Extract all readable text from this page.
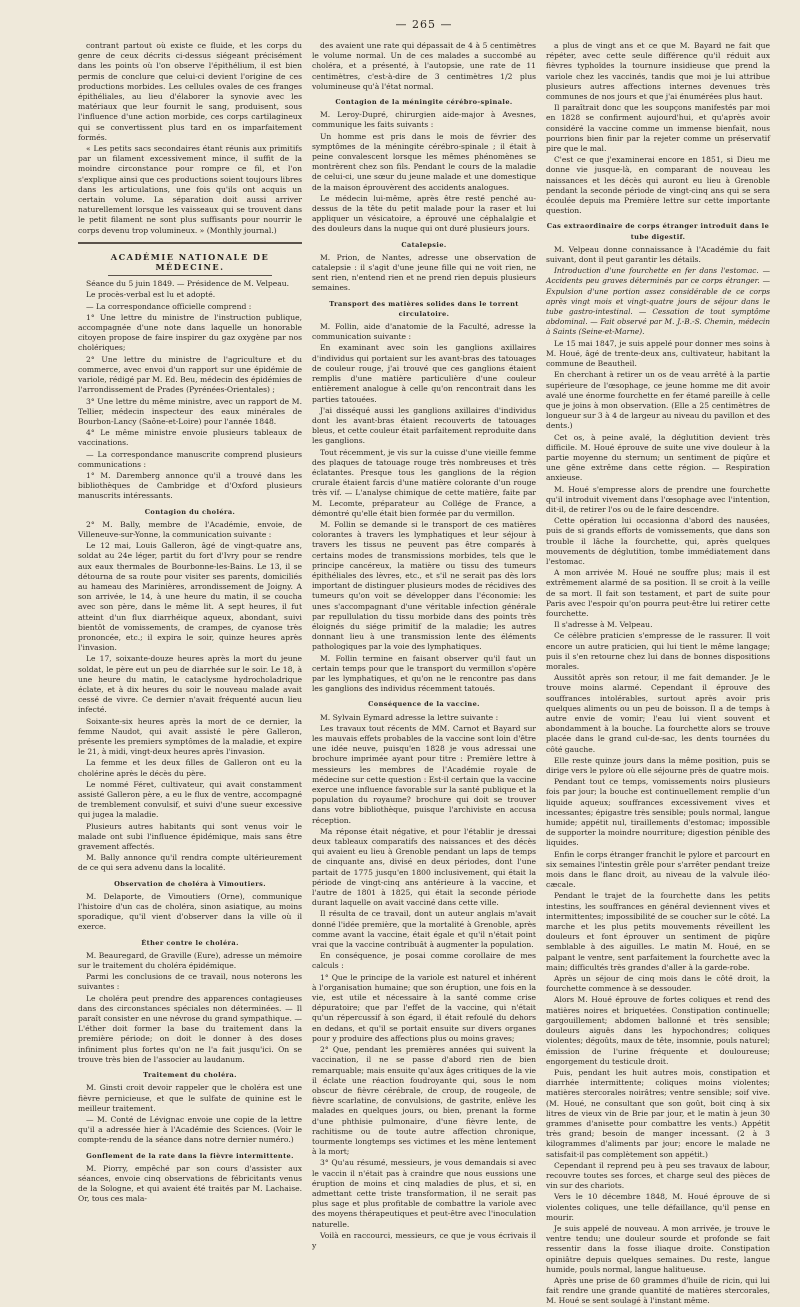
— 265 —

contrant partout où existe ce fluide, et les corps du genre de ceux décrits ci-dessus siégeant précisément dans les points où l'on observe l'épithélium, il est bien permis de conclure que celui-ci devient l'origine de ces productions morbides. Les cellules ovales de ces franges épithéliales, au lieu d'élaborer la synovie avec les matériaux que leur fournit le sang, produisent, sous l'influence d'une action morbide, ces corps cartilagineux qui se convertissent plus tard en os imparfaitement formés.

« Les petits sacs secondaires étant réunis aux primitifs par un filament excessivement mince, il suffit de la moindre circonstance pour rompre ce fil, et l'on s'explique ainsi que ces productions soient toujours libres dans les articulations, une fois qu'ils ont acquis un certain volume. La séparation doit aussi arriver naturellement lorsque les vaisseaux qui se trouvent dans le petit filament ne sont plus suffisants pour nourrir le corps devenu trop volumineux. » (Monthly journal.)

ACADÉMIE NATIONALE DE MÉDECINE.

Séance du 5 juin 1849. — Présidence de M. Velpeau.

Le procès-verbal est lu et adopté.

— La correspondance officielle comprend :

1° Une lettre du ministre de l'instruction publique, accompagnée d'une note dans laquelle un honorable citoyen propose de faire inspirer du gaz oxygène par nos cholériques;

2° Une lettre du ministre de l'agriculture et du commerce, avec envoi d'un rapport sur une épidémie de variole, rédigé par M. Ed. Beu, médecin des épidémies de l'arrondissement de Prades (Pyrénées-Orientales) ;

3° Une lettre du même ministre, avec un rapport de M. Tellier, médecin inspecteur des eaux minérales de Bourbon-Lancy (Saône-et-Loire) pour l'année 1848.

4° Le même ministre envoie plusieurs tableaux de vaccinations.

— La correspondance manuscrite comprend plusieurs communications :

1° M. Daremberg annonce qu'il a trouvé dans les bibliothèques de Cambridge et d'Oxford plusieurs manuscrits intéressants.

Contagion du choléra.

2° M. Bally, membre de l'Académie, envoie, de Villeneuve-sur-Yonne, la communication suivante :

Le 12 mai, Louis Galleron, âgé de vingt-quatre ans, soldat au 24e léger, partit du fort d'Ivry pour se rendre aux eaux thermales de Bourbonne-les-Bains. Le 13, il se détourna de sa route pour visiter ses parents, domiciliés au hameau des Marinières, arrondissement de Joigny. A son arrivée, le 14, à une heure du matin, il se coucha avec son père, dans le même lit. A sept heures, il fut atteint d'un flux diarrhéique aqueux, abondant, suivi bientôt de vomissements, de crampes, de cyanose très prononcée, etc.; il expira le soir, quinze heures après l'invasion.

Le 17, soixante-douze heures après la mort du jeune soldat, le père eut un peu de diarrhée sur le soir. Le 18, à une heure du matin, le cataclysme hydrocholadrique éclate, et à dix heures du soir le nouveau malade avait cessé de vivre. Ce dernier n'avait fréquenté aucun lieu infecté.

Soixante-six heures après la mort de ce dernier, la femme Naudot, qui avait assisté le père Galleron, présente les premiers symptômes de la maladie, et expire le 21, à midi, vingt-deux heures après l'invasion.

La femme et les deux filles de Galleron ont eu la cholérine après le décès du père.

Le nommé Féret, cultivateur, qui avait constamment assisté Galleron père, a eu le flux de ventre, accompagné de tremblement convulsif, et suivi d'une sueur excessive qui jugea la maladie.

Plusieurs autres habitants qui sont venus voir le malade ont subi l'influence épidémique, mais sans être gravement affectés.

M. Bally annonce qu'il rendra compte ultérieurement de ce qui sera advenu dans la localité.

Observation de choléra à Vimoutiers.

M. Delaporte, de Vimoutiers (Orne), communique l'histoire d'un cas de choléra, sinon asiatique, au moins sporadique, qu'il vient d'observer dans la ville où il exerce.

Éther contre le choléra.

M. Beauregard, de Graville (Eure), adresse un mémoire sur le traitement du choléra épidémique.

Parmi les conclusions de ce travail, nous noterons les suivantes :

Le choléra peut prendre des apparences contagieuses dans des circonstances spéciales non déterminées. — Il paraît consister en une névrose du grand sympathique. — L'éther doit former la base du traitement dans la première période; on doit le donner à des doses infiniment plus fortes qu'on ne l'a fait jusqu'ici. On se trouve très bien de l'associer au laudanum.

Traitement du choléra.

M. Ginsti croit devoir rappeler que le choléra est une fièvre pernicieuse, et que le sulfate de quinine est le meilleur traitement.

— M. Conté de Lévignac envoie une copie de la lettre qu'il a adressée hier à l'Académie des Sciences. (Voir le compte-rendu de la séance dans notre dernier numéro.)

Gonflement de la rate dans la fièvre intermittente.

M. Piorry, empêché par son cours d'assister aux séances, envoie cinq observations de fébricitants venus de la Sologne, et qui avaient été traités par M. Lachaise. Or, tous ces mala-

des avaient une rate qui dépassait de 4 à 5 centimètres le volume normal. Un de ces malades a succombé au choléra, et a présenté, à l'autopsie, une rate de 11 centimètres, c'est-à-dire de 3 centimètres 1/2 plus volumineuse qu'à l'état normal.

Contagion de la méningite cérébro-spinale.

M. Leroy-Dupré, chirurgien aide-major à Avesnes, communique les faits suivants :

Un homme est pris dans le mois de février des symptômes de la méningite cérébro-spinale ; il était à peine convalescent lorsque les mêmes phénomènes se montrèrent chez son fils. Pendant le cours de la maladie de celui-ci, une sœur du jeune malade et une domestique de la maison éprouvèrent des accidents analogues.

Le médecin lui-même, après être resté penché au-dessus de la tête du petit malade pour la raser et lui appliquer un vésicatoire, a éprouvé une céphalalgie et des douleurs dans la nuque qui ont duré plusieurs jours.

Catalepsie.

M. Prion, de Nantes, adresse une observation de catalepsie : il s'agit d'une jeune fille qui ne voit rien, ne sent rien, n'entend rien et ne prend rien depuis plusieurs semaines.

Transport des matières solides dans le torrent circulatoire.

M. Follin, aide d'anatomie de la Faculté, adresse la communication suivante :

En examinant avec soin les ganglions axillaires d'individus qui portaient sur les avant-bras des tatouages de couleur rouge, j'ai trouvé que ces ganglions étaient remplis d'une matière particulière d'une couleur entièrement analogue à celle qu'on rencontrait dans les parties tatouées.

J'ai disséqué aussi les ganglions axillaires d'individus dont les avant-bras étaient recouverts de tatouages bleus, et cette couleur était parfaitement reproduite dans les ganglions.

Tout récemment, je vis sur la cuisse d'une vieille femme des plaques de tatouage rouge très nombreuses et très éclatantes. Presque tous les ganglions de la région crurale étaient farcis d'une matière colorante d'un rouge très vif. — L'analyse chimique de cette matière, faite par M. Lecomte, préparateur au Collége de France, a démontré qu'elle était bien formée par du vermillon.

M. Follin se demande si le transport de ces matières colorantes à travers les lymphatiques et leur séjour à travers les tissus ne peuvent pas être comparés à certains modes de transmissions morbides, tels que le principe cancéreux, la matière ou tissu des tumeurs épithéliales des lèvres, etc., et s'il ne serait pas dès lors important de distinguer plusieurs modes de récidives des tumeurs qu'on voit se développer dans l'économie: les unes s'accompagnant d'une véritable infection générale par repullulation du tissu morbide dans des points très éloignés du siége primitif de la maladie; les autres donnant lieu à une transmission lente des éléments pathologiques par la voie des lymphatiques.

M. Follin termine en faisant observer qu'il faut un certain temps pour que le transport du vermillon s'opère par les lymphatiques, et qu'on ne le rencontre pas dans les ganglions des individus récemment tatoués.

Conséquence de la vaccine.

M. Sylvain Eymard adresse la lettre suivante :

Les travaux tout récents de MM. Carnot et Bayard sur les mauvais effets probables de la vaccine sont loin d'être une idée neuve, puisqu'en 1828 je vous adressai une brochure imprimée ayant pour titre : Première lettre à messieurs les membres de l'Académie royale de médecine sur cette question : Est-il certain que la vaccine exerce une influence favorable sur la santé publique et la population du royaume? brochure qui doit se trouver dans votre bibliothèque, puisque l'archiviste en accusa réception.

Ma réponse était négative, et pour l'établir je dressai deux tableaux comparatifs des naissances et des décès qui avaient eu lieu à Grenoble pendant un laps de temps de cinquante ans, divisé en deux périodes, dont l'une partait de 1775 jusqu'en 1800 inclusivement, qui était la période de vingt-cinq ans antérieure à la vaccine, et l'autre de 1801 à 1825, qui était la seconde période durant laquelle on avait vacciné dans cette ville.

Il résulta de ce travail, dont un auteur anglais m'avait donné l'idée première, que la mortalité à Grenoble, après comme avant la vaccine, était égale et qu'il n'était point vrai que la vaccine contribuât à augmenter la population.

En conséquence, je posai comme corollaire de mes calculs :

1° Que le principe de la variole est naturel et inhérent à l'organisation humaine; que son éruption, une fois en la vie, est utile et nécessaire à la santé comme crise dépuratoire; que par l'effet de la vaccine, qui n'était qu'un répercussif à son égard, il était refoulé du dehors en dedans, et qu'il se portait ensuite sur divers organes pour y produire des affections plus ou moins graves;

2° Que, pendant les premières années qui suivent la vaccination, il ne se passe d'abord rien de bien remarquable; mais ensuite qu'aux âges critiques de la vie il éclate une réaction foudroyante qui, sous le nom obscur de fièvre cérébrale, de croup, de rougeole, de fièvre scarlatine, de convulsions, de gastrite, enlève les malades en quelques jours, ou bien, prenant la forme d'une phthisie pulmonaire, d'une fièvre lente, de rachitisme ou de toute autre affection chronique, tourmente longtemps ses victimes et les mène lentement à la mort;

3° Qu'au résumé, messieurs, je vous demandais si avec le vaccin il n'était pas à craindre que nous eussions une éruption de moins et cinq maladies de plus, et si, en admettant cette triste transformation, il ne serait pas plus sage et plus profitable de combattre la variole avec des moyens thérapeutiques et peut-être avec l'inoculation naturelle.

Voilà en raccourci, messieurs, ce que je vous écrivais il y

a plus de vingt ans et ce que M. Bayard ne fait que répéter, avec cette seule différence qu'il réduit aux fièvres typhoïdes la tournure insidieuse que prend la variole chez les vaccinés, tandis que moi je lui attribue plusieurs autres affections internes devenues très communes de nos jours et que j'ai énumérées plus haut.

Il paraîtrait donc que les soupçons manifestés par moi en 1828 se confirment aujourd'hui, et qu'après avoir considéré la vaccine comme un immense bienfait, nous pourrions bien finir par la rejeter comme un préservatif pire que le mal.

C'est ce que j'examinerai encore en 1851, si Dieu me donne vie jusque-là, en comparant de nouveau les naissances et les décès qui auront eu lieu à Grenoble pendant la seconde période de vingt-cinq ans qui se sera écoulée depuis ma Première lettre sur cette importante question.

Cas extraordinaire de corps étranger introduit dans le tube digestif.

M. Velpeau donne connaissance à l'Académie du fait suivant, dont il peut garantir les détails.

Introduction d'une fourchette en fer dans l'estomac. — Accidents peu graves déterminés par ce corps étranger. — Expulsion d'une portion assez considérable de ce corps après vingt mois et vingt-quatre jours de séjour dans le tube gastro-intestinal. — Cessation de tout symptôme abdominal. — Fait observé par M. J.-B.-S. Chemin, médecin à Saints (Seine-et-Marne).

Le 15 mai 1847, je suis appelé pour donner mes soins à M. Houé, âgé de trente-deux ans, cultivateur, habitant la commune de Beautheil.

En cherchant à retirer un os de veau arrêté à la partie supérieure de l'œsophage, ce jeune homme me dit avoir avalé une énorme fourchette en fer étamé pareille à celle que je joins à mon observation. (Elle a 25 centimètres de longueur sur 3 à 4 de largeur au niveau du pavillon et des dents.)

Cet os, à peine avalé, la déglutition devient très difficile. M. Houé éprouve de suite une vive douleur à la partie moyenne du sternum; un sentiment de piqûre et une gêne extrême dans cette région. — Respiration anxieuse.

M. Houé s'empresse alors de prendre une fourchette qu'il introduit vivement dans l'œsophage avec l'intention, dit-il, de retirer l'os ou de le faire descendre.

Cette opération lui occasionna d'abord des nausées, puis de si grands efforts de vomissements, que dans son trouble il lâche la fourchette, qui, après quelques mouvements de déglutition, tombe immédiatement dans l'estomac.

A mon arrivée M. Houé ne souffre plus; mais il est extrêmement alarmé de sa position. Il se croit à la veille de sa mort. Il fait son testament, et part de suite pour Paris avec l'espoir qu'on pourra peut-être lui retirer cette fourchette.

Il s'adresse à M. Velpeau.

Ce célèbre praticien s'empresse de le rassurer. Il voit encore un autre praticien, qui lui tient le même langage; puis il s'en retourne chez lui dans de bonnes dispositions morales.

Aussitôt après son retour, il me fait demander. Je le trouve moins alarmé. Cependant il éprouve des souffrances intolérables, surtout après avoir pris quelques aliments ou un peu de boisson. Il a de temps à autre envie de vomir; l'eau lui vient souvent et abondamment à la bouche. La fourchette alors se trouve placée dans le grand cul-de-sac, les dents tournées du côté gauche.

Elle reste quinze jours dans la même position, puis se dirige vers le pylore où elle séjourne près de quatre mois.

Pendant tout ce temps, vomissements noirs plusieurs fois par jour; la bouche est continuellement remplie d'un liquide aqueux; souffrances excessivement vives et incessantes; épigastre très sensible; pouls normal, langue humide; appétit nul, tiraillements d'estomac; impossible de supporter la moindre nourriture; digestion pénible des liquides.

Enfin le corps étranger franchit le pylore et parcourt en six semaines l'intestin grêle pour s'arrêter pendant treize mois dans le flanc droit, au niveau de la valvule iléo-cæcale.

Pendant le trajet de la fourchette dans les petits intestins, les souffrances en général deviennent vives et intermittentes; impossibilité de se coucher sur le côté. La marche et les plus petits mouvements réveillent les douleurs et font éprouver un sentiment de piqûre semblable à des aiguilles. Le matin M. Houé, en se palpant le ventre, sent parfaitement la fourchette avec la main; difficultés très grandes d'aller à la garde-robe.

Après un séjour de cinq mois dans le côté droit, la fourchette commence à se dessouder.

Alors M. Houé éprouve de fortes coliques et rend des matières noires et briquetées. Constipation continuelle; gargouillement; abdomen ballonné et très sensible; douleurs aiguës dans les hypochondres; coliques violentes; dégoûts, maux de tête, insomnie, pouls naturel; émission de l'urine fréquente et douloureuse; engorgement du testicule droit.

Puis, pendant les huit autres mois, constipation et diarrhée intermittente; coliques moins violentes; matières stercorales noirâtres; ventre sensible; soif vive. (M. Houé, ne consultant que son goût, boit cinq à six litres de vieux vin de Brie par jour, et le matin à jeun 30 grammes d'anisette pour combattre les vents.) Appétit très grand; besoin de manger incessant. (2 à 3 kilogrammes d'aliments par jour; encore le malade ne satisfait-il pas complètement son appétit.)

Cependant il reprend peu à peu ses travaux de labour, recouvre toutes ses forces, et charge seul des pièces de vin sur des chariots.

Vers le 10 décembre 1848, M. Houé éprouve de si violentes coliques, une telle défaillance, qu'il pense en mourir.

Je suis appelé de nouveau. A mon arrivée, je trouve le ventre tendu; une douleur sourde et profonde se fait ressentir dans la fosse iliaque droite. Constipation opiniâtre depuis quelques semaines. Du reste, langue humide, pouls normal, langue halitueuse.

Après une prise de 60 grammes d'huile de ricin, qui lui fait rendre une grande quantité de matières stercorales, M. Houé se sent soulagé à l'instant même.
